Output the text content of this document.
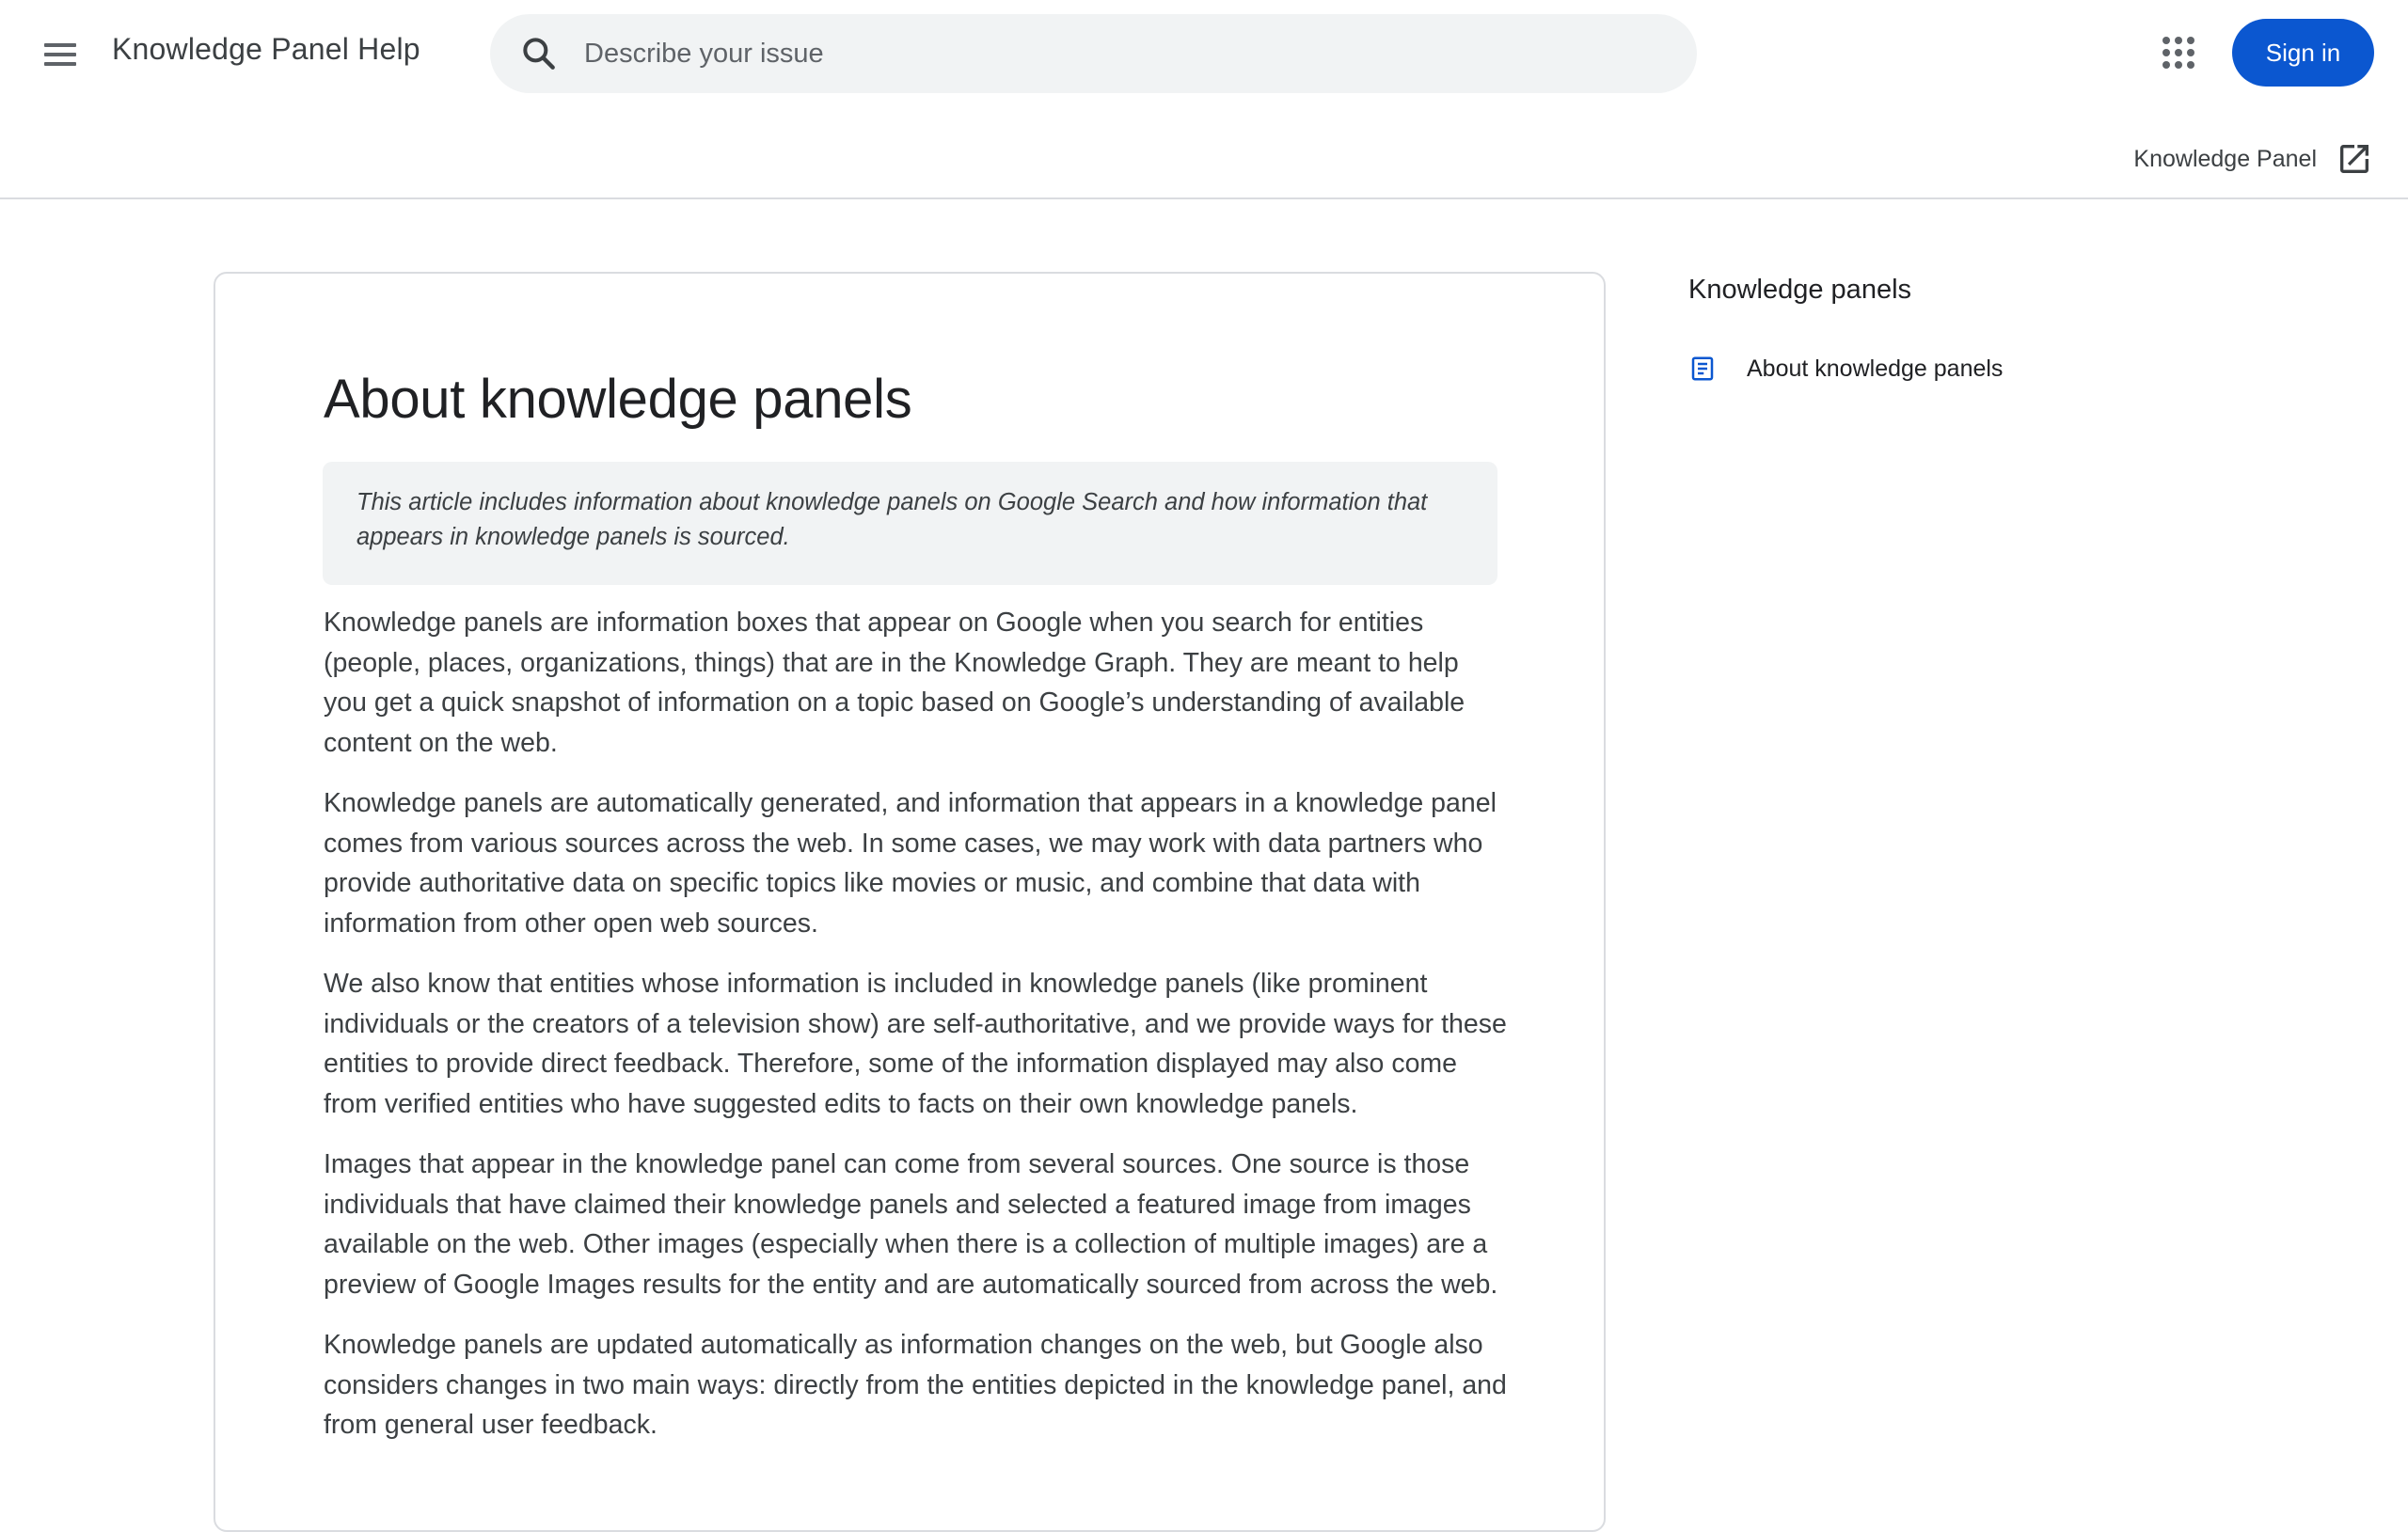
Knowledge Panel Help
Describe your issue	Sign in
Knowledge Panel
About knowledge panels
This article includes information about knowledge panels on Google Search and how information that appears in knowledge panels is sourced.

Knowledge panels are information boxes that appear on Google when you search for entities (people, places, organizations, things) that are in the Knowledge Graph. They are meant to help you get a quick snapshot of information on a topic based on Google’s understanding of available content on the web.

Knowledge panels are automatically generated, and information that appears in a knowledge panel comes from various sources across the web. In some cases, we may work with data partners who provide authoritative data on specific topics like movies or music, and combine that data with information from other open web sources.

We also know that entities whose information is included in knowledge panels (like prominent individuals or the creators of a television show) are self-authoritative, and we provide ways for these entities to provide direct feedback. Therefore, some of the information displayed may also come from verified entities who have suggested edits to facts on their own knowledge panels.

Images that appear in the knowledge panel can come from several sources. One source is those individuals that have claimed their knowledge panels and selected a featured image from images available on the web. Other images (especially when there is a collection of multiple images) are a preview of Google Images results for the entity and are automatically sourced from across the web.

Knowledge panels are updated automatically as information changes on the web, but Google also considers changes in two main ways: directly from the entities depicted in the knowledge panel, and from general user feedback.

Knowledge panels
About knowledge panels
